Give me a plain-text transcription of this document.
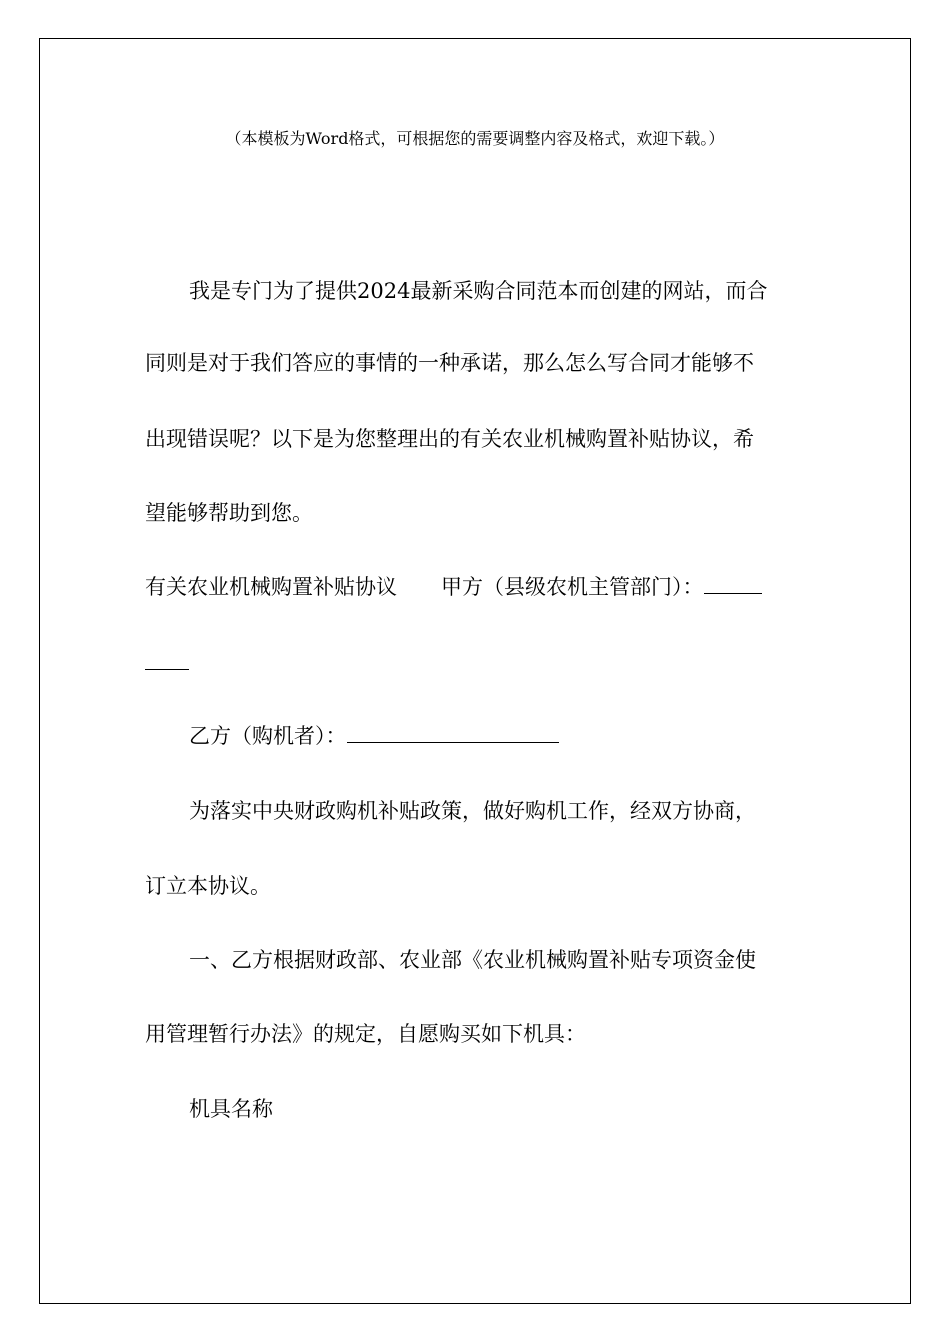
（本模板为Word格式，可根据您的需要调整内容及格式，欢迎下载。）
我是专门为了提供2024最新采购合同范本而创建的网站，而合
同则是对于我们答应的事情的一种承诺，那么怎么写合同才能够不
出现错误呢？以下是为您整理出的有关农业机械购置补贴协议，希
望能够帮助到您。
有关农业机械购置补贴协议 甲方（县级农机主管部门）：
乙方（购机者）：
为落实中央财政购机补贴政策，做好购机工作，经双方协商，
订立本协议。
一、乙方根据财政部、农业部《农业机械购置补贴专项资金使
用管理暂行办法》的规定，自愿购买如下机具：
机具名称
